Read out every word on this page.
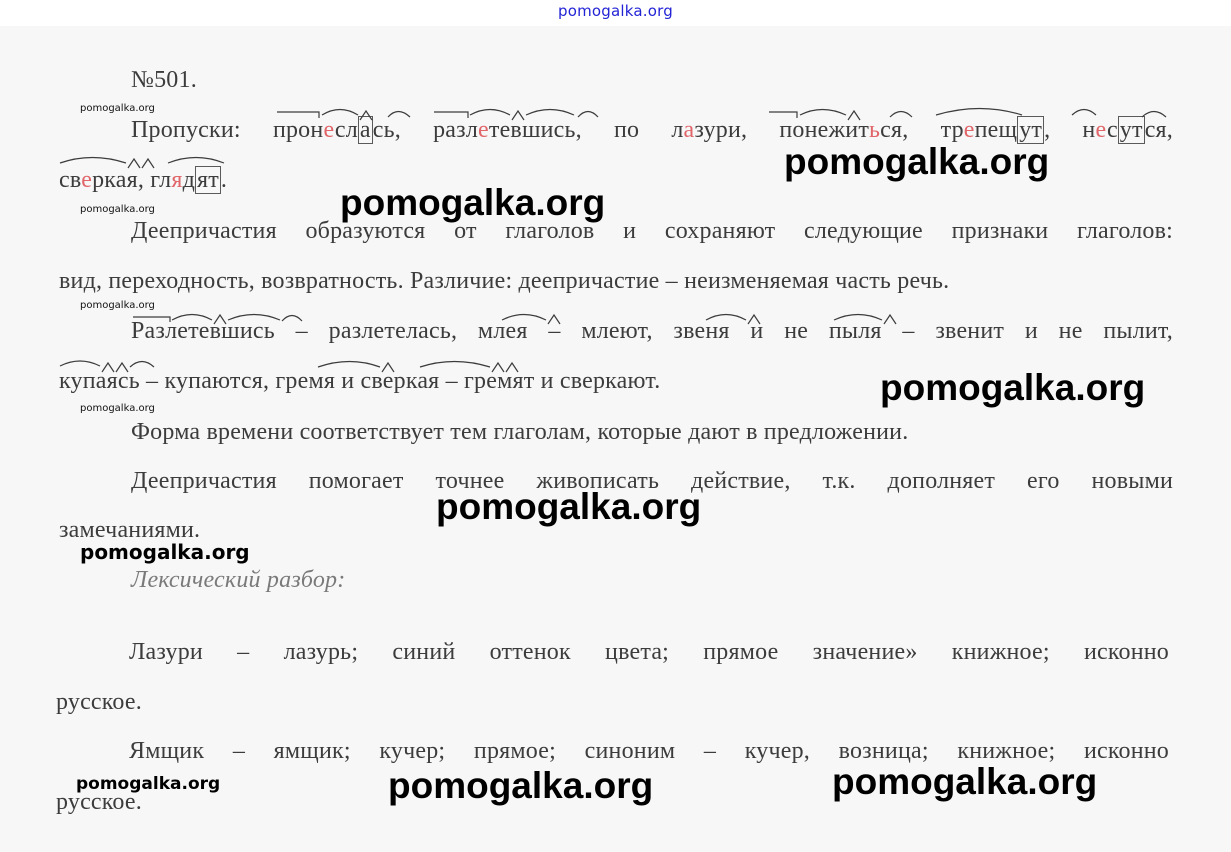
pomogalka.org
№501.
Пропуски: пронеслась, разлетевшись, по лазури, понежиться, трепещут, несутся,
сверкая, глядят.
Деепричастия образуются от глаголов и сохраняют следующие признаки глаголов:
вид, переходность, возвратность. Различие: деепричастие – неизменяемая часть речь.
Разлетевшись – разлетелась, млея – млеют, звеня и не пыля – звенит и не пылит,
купаясь – купаются, гремя и сверкая – гремят и сверкают.
Форма времени соответствует тем глаголам, которые дают в предложении.
Деепричастия помогает точнее живописать действие, т.к. дополняет его новыми
замечаниями.
Лексический разбор:
Лазури – лазурь; синий оттенок цвета; прямое значение» книжное; исконно
русское.
Ямщик – ямщик; кучер; прямое; синоним – кучер, возница; книжное; исконно
русское.
pomogalka.org
pomogalka.org
pomogalka.org
pomogalka.org
pomogalka.org
pomogalka.org
pomogalka.org
pomogalka.org
pomogalka.org
pomogalka.org
pomogalka.org	pomogalka.org
